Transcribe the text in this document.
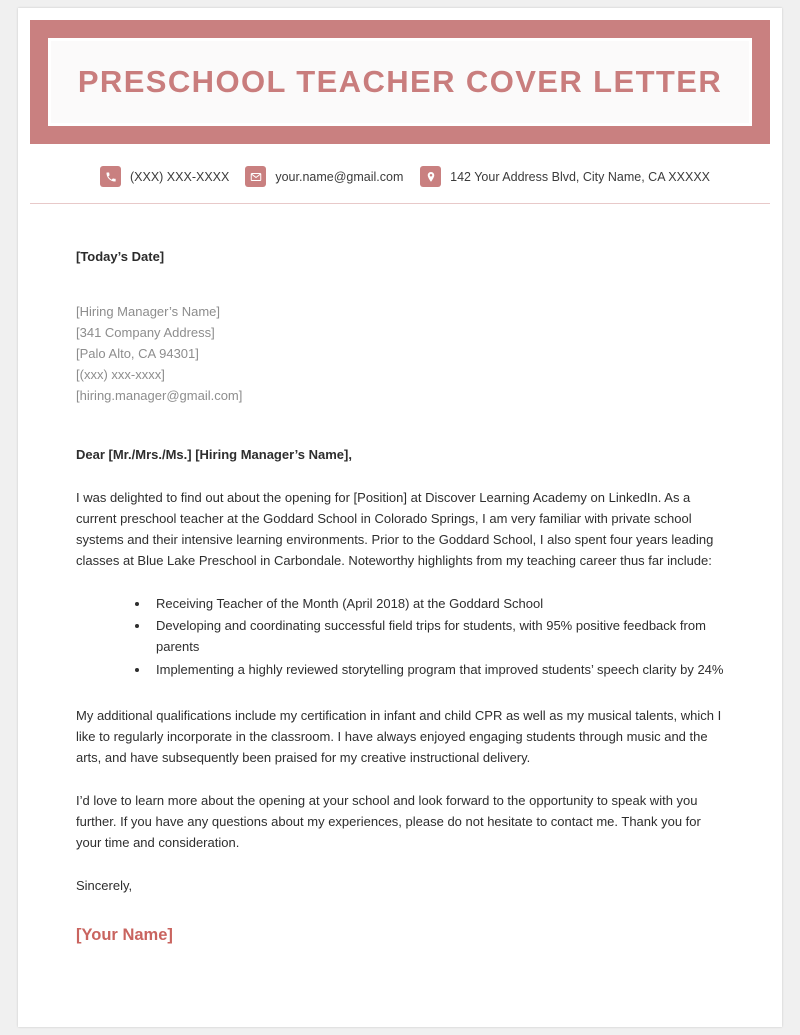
PRESCHOOL TEACHER COVER LETTER
(XXX) XXX-XXXX	your.name@gmail.com	142 Your Address Blvd, City Name, CA XXXXX
[Today’s Date]
[Hiring Manager’s Name]
[341 Company Address]
[Palo Alto, CA 94301]
[(xxx) xxx-xxxx]
[hiring.manager@gmail.com]
Dear [Mr./Mrs./Ms.] [Hiring Manager’s Name],

I was delighted to find out about the opening for [Position] at Discover Learning Academy on LinkedIn. As a current preschool teacher at the Goddard School in Colorado Springs, I am very familiar with private school systems and their intensive learning environments. Prior to the Goddard School, I also spent four years leading classes at Blue Lake Preschool in Carbondale. Noteworthy highlights from my teaching career thus far include:

• Receiving Teacher of the Month (April 2018) at the Goddard School
• Developing and coordinating successful field trips for students, with 95% positive feedback from parents
• Implementing a highly reviewed storytelling program that improved students’ speech clarity by 24%

My additional qualifications include my certification in infant and child CPR as well as my musical talents, which I like to regularly incorporate in the classroom. I have always enjoyed engaging students through music and the arts, and have subsequently been praised for my creative instructional delivery.

I’d love to learn more about the opening at your school and look forward to the opportunity to speak with you further. If you have any questions about my experiences, please do not hesitate to contact me. Thank you for your time and consideration.

Sincerely,
[Your Name]
